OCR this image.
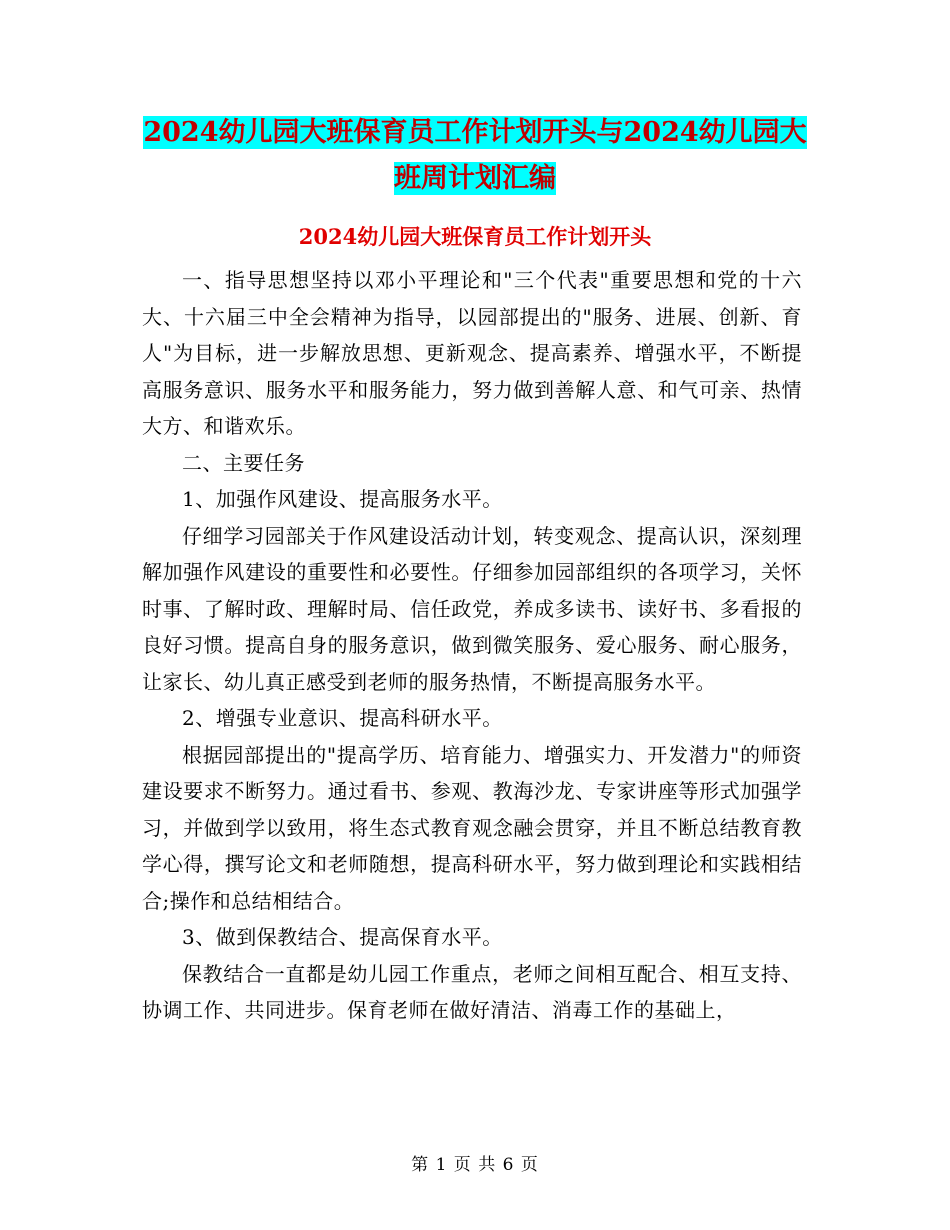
2024幼儿园大班保育员工作计划开头与2024幼儿园大班周计划汇编
2024幼儿园大班保育员工作计划开头

一、指导思想坚持以邓小平理论和"三个代表"重要思想和党的十六大、十六届三中全会精神为指导，以园部提出的"服务、进展、创新、育人"为目标，进一步解放思想、更新观念、提高素养、增强水平，不断提高服务意识、服务水平和服务能力，努力做到善解人意、和气可亲、热情大方、和谐欢乐。

二、主要任务

1、加强作风建设、提高服务水平。

仔细学习园部关于作风建设活动计划，转变观念、提高认识，深刻理解加强作风建设的重要性和必要性。仔细参加园部组织的各项学习，关怀时事、了解时政、理解时局、信任政党，养成多读书、读好书、多看报的良好习惯。提高自身的服务意识，做到微笑服务、爱心服务、耐心服务，让家长、幼儿真正感受到老师的服务热情，不断提高服务水平。

2、增强专业意识、提高科研水平。

根据园部提出的"提高学历、培育能力、增强实力、开发潜力"的师资建设要求不断努力。通过看书、参观、教海沙龙、专家讲座等形式加强学习，并做到学以致用，将生态式教育观念融会贯穿，并且不断总结教育教学心得，撰写论文和老师随想，提高科研水平，努力做到理论和实践相结合;操作和总结相结合。

3、做到保教结合、提高保育水平。

保教结合一直都是幼儿园工作重点，老师之间相互配合、相互支持、协调工作、共同进步。保育老师在做好清洁、消毒工作的基础上，

第 1 页 共 6 页
